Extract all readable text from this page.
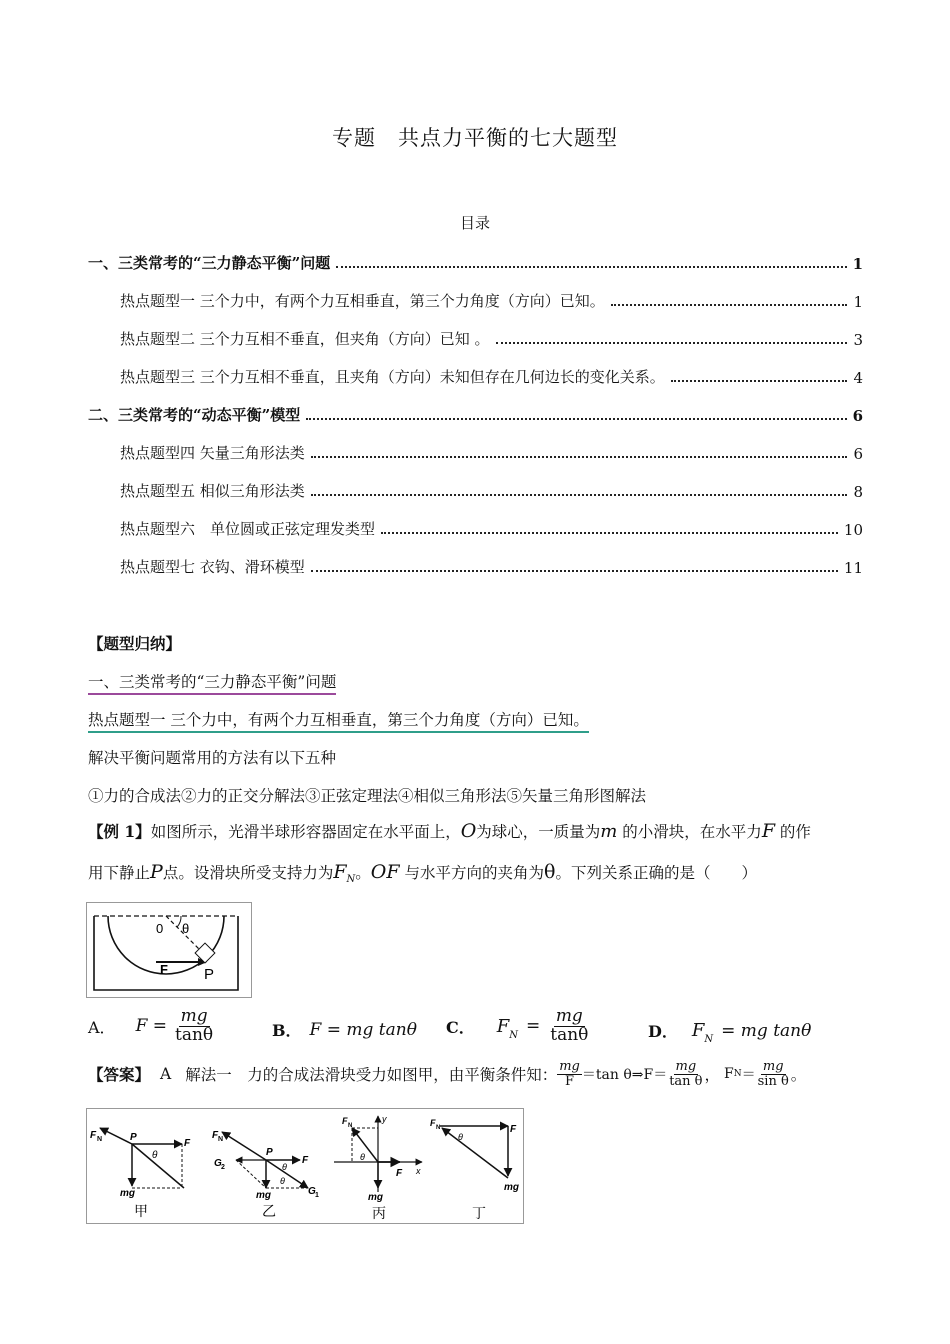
专题　共点力平衡的七大题型
目录
一、三类常考的“三力静态平衡”问题	1
热点题型一 三个力中，有两个力互相垂直，第三个力角度（方向）已知。	1
热点题型二 三个力互相不垂直，但夹角（方向）已知 。	3
热点题型三 三个力互相不垂直，且夹角（方向）未知但存在几何边长的变化关系。	4
二、三类常考的“动态平衡”模型	6
热点题型四 矢量三角形法类	6
热点题型五 相似三角形法类	8
热点题型六　单位圆或正弦定理发类型	10
热点题型七 衣钩、滑环模型	11
【题型归纳】
一、三类常考的“三力静态平衡”问题
热点题型一 三个力中，有两个力互相垂直，第三个力角度（方向）已知。
解决平衡问题常用的方法有以下五种
①力的合成法②力的正交分解法③正弦定理法④相似三角形法⑤矢量三角形图解法
【例 1】如图所示，光滑半球形容器固定在水平面上，O为球心，一质量为m 的小滑块，在水平力F 的作
用下静止P点。设滑块所受支持力为$F_N$。OF 与水平方向的夹角为θ。下列关系正确的是（　　）
0 θ
F P
A． $F = \frac{mg}{\tan\theta}$	B． F = mg tanθ C． $F_N = \frac{mg}{\tan\theta}$	D． $F_N$ = mg tanθ
【答案】 A 解法一　力的合成法滑块受力如图甲，由平衡条件知： $\frac{mg}{F} =\tan$ θ⇒F＝ $\frac{mg}{\text{tan θ}}$ ， F $N = \frac{mg}{\text{sin θ}}$ 。
F N	P
F
θ
mg
甲
F N
P
F
G 2
G 1
θ
θ
mg
乙
F N
y
x
F
θ
mg
丙
F N	F
θ
mg
丁
